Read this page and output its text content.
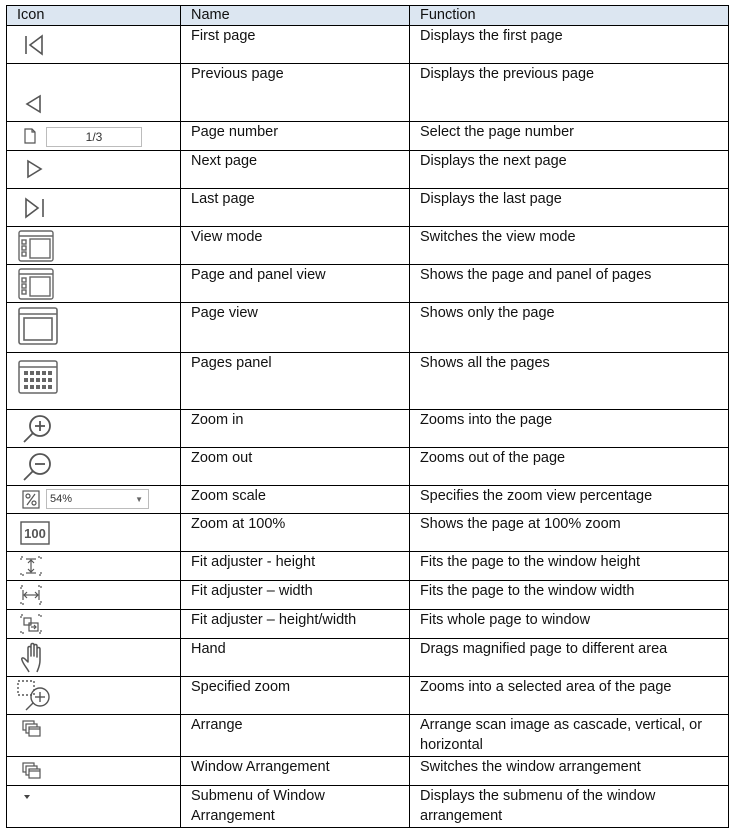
Icon	Name	Function

	First page	Displays the first page

	Previous page	Displays the previous page

1/3	Page number	Select the page number

	Next page	Displays the next page

	Last page	Displays the last page

	View mode	Switches the view mode

	Page and panel view	Shows the page and panel of pages

	Page view	Shows only the page

	Pages panel	Shows all the pages

	Zoom in	Zooms into the page

	Zoom out	Zooms out of the page

54% ▼	Zoom scale	Specifies the zoom view percentage

100	Zoom at 100%	Shows the page at 100% zoom

	Fit adjuster - height	Fits the page to the window height

	Fit adjuster – width	Fits the page to the window width

	Fit adjuster – height/width	Fits whole page to window

	Hand	Drags magnified page to different area

	Specified zoom	Zooms into a selected area of the page

	Arrange	Arrange scan image as cascade, vertical, or horizontal

	Window Arrangement	Switches the window arrangement

	Submenu of Window Arrangement	Displays the submenu of the window arrangement
